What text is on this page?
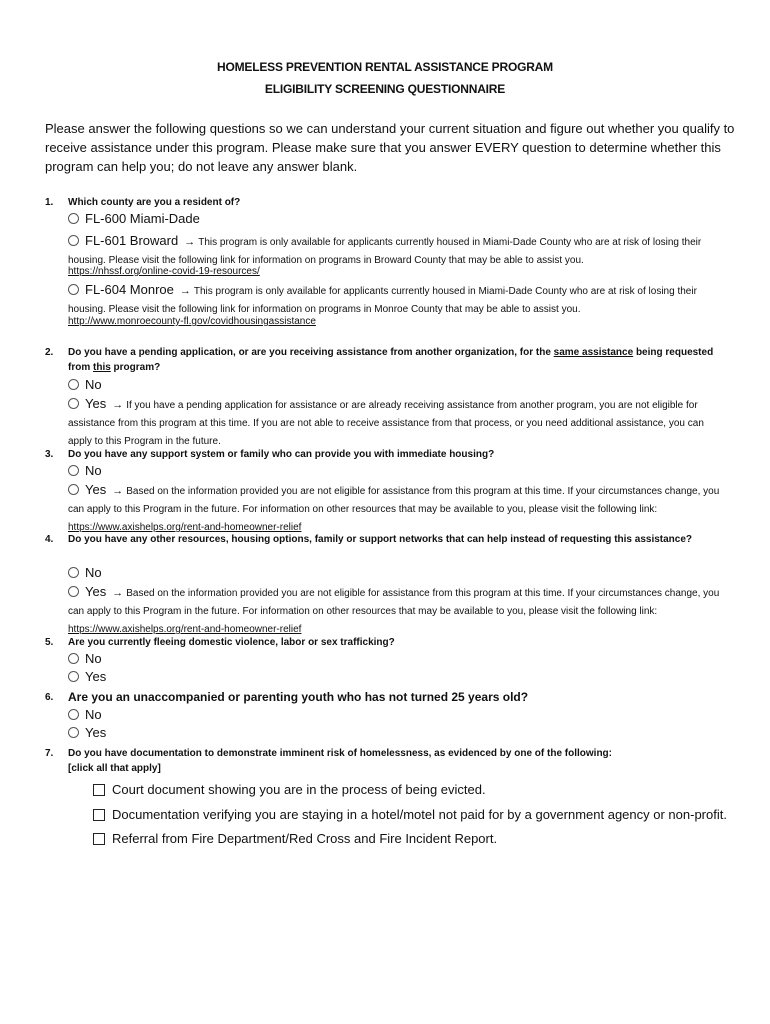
HOMELESS PREVENTION RENTAL ASSISTANCE PROGRAM
ELIGIBILITY SCREENING QUESTIONNAIRE
Please answer the following questions so we can understand your current situation and figure out whether you qualify to receive assistance under this program. Please make sure that you answer EVERY question to determine whether this program can help you; do not leave any answer blank.
1.	Which county are you a resident of?
FL-600 Miami-Dade
FL-601 Broward → This program is only available for applicants currently housed in Miami-Dade County who are at risk of losing their housing. Please visit the following link for information on programs in Broward County that may be able to assist you.
https://nhssf.org/online-covid-19-resources/
FL-604 Monroe → This program is only available for applicants currently housed in Miami-Dade County who are at risk of losing their housing. Please visit the following link for information on programs in Monroe County that may be able to assist you.
http://www.monroecounty-fl.gov/covidhousingassistance
2.	Do you have a pending application, or are you receiving assistance from another organization, for the same assistance being requested from this program?
No
Yes → If you have a pending application for assistance or are already receiving assistance from another program, you are not eligible for assistance from this program at this time. If you are not able to receive assistance from that process, or you need additional assistance, you can apply to this Program in the future.
3.	Do you have any support system or family who can provide you with immediate housing?
No
Yes → Based on the information provided you are not eligible for assistance from this program at this time. If your circumstances change, you can apply to this Program in the future. For information on other resources that may be available to you, please visit the following link: https://www.axishelps.org/rent-and-homeowner-relief
4.	Do you have any other resources, housing options, family or support networks that can help instead of requesting this assistance?
No
Yes → Based on the information provided you are not eligible for assistance from this program at this time. If your circumstances change, you can apply to this Program in the future. For information on other resources that may be available to you, please visit the following link: https://www.axishelps.org/rent-and-homeowner-relief
5.	Are you currently fleeing domestic violence, labor or sex trafficking?
No
Yes
6.	Are you an unaccompanied or parenting youth who has not turned 25 years old?
No
Yes
7.	Do you have documentation to demonstrate imminent risk of homelessness, as evidenced by one of the following:
[click all that apply]
Court document showing you are in the process of being evicted.
Documentation verifying you are staying in a hotel/motel not paid for by a government agency or non-profit.
Referral from Fire Department/Red Cross and Fire Incident Report.
